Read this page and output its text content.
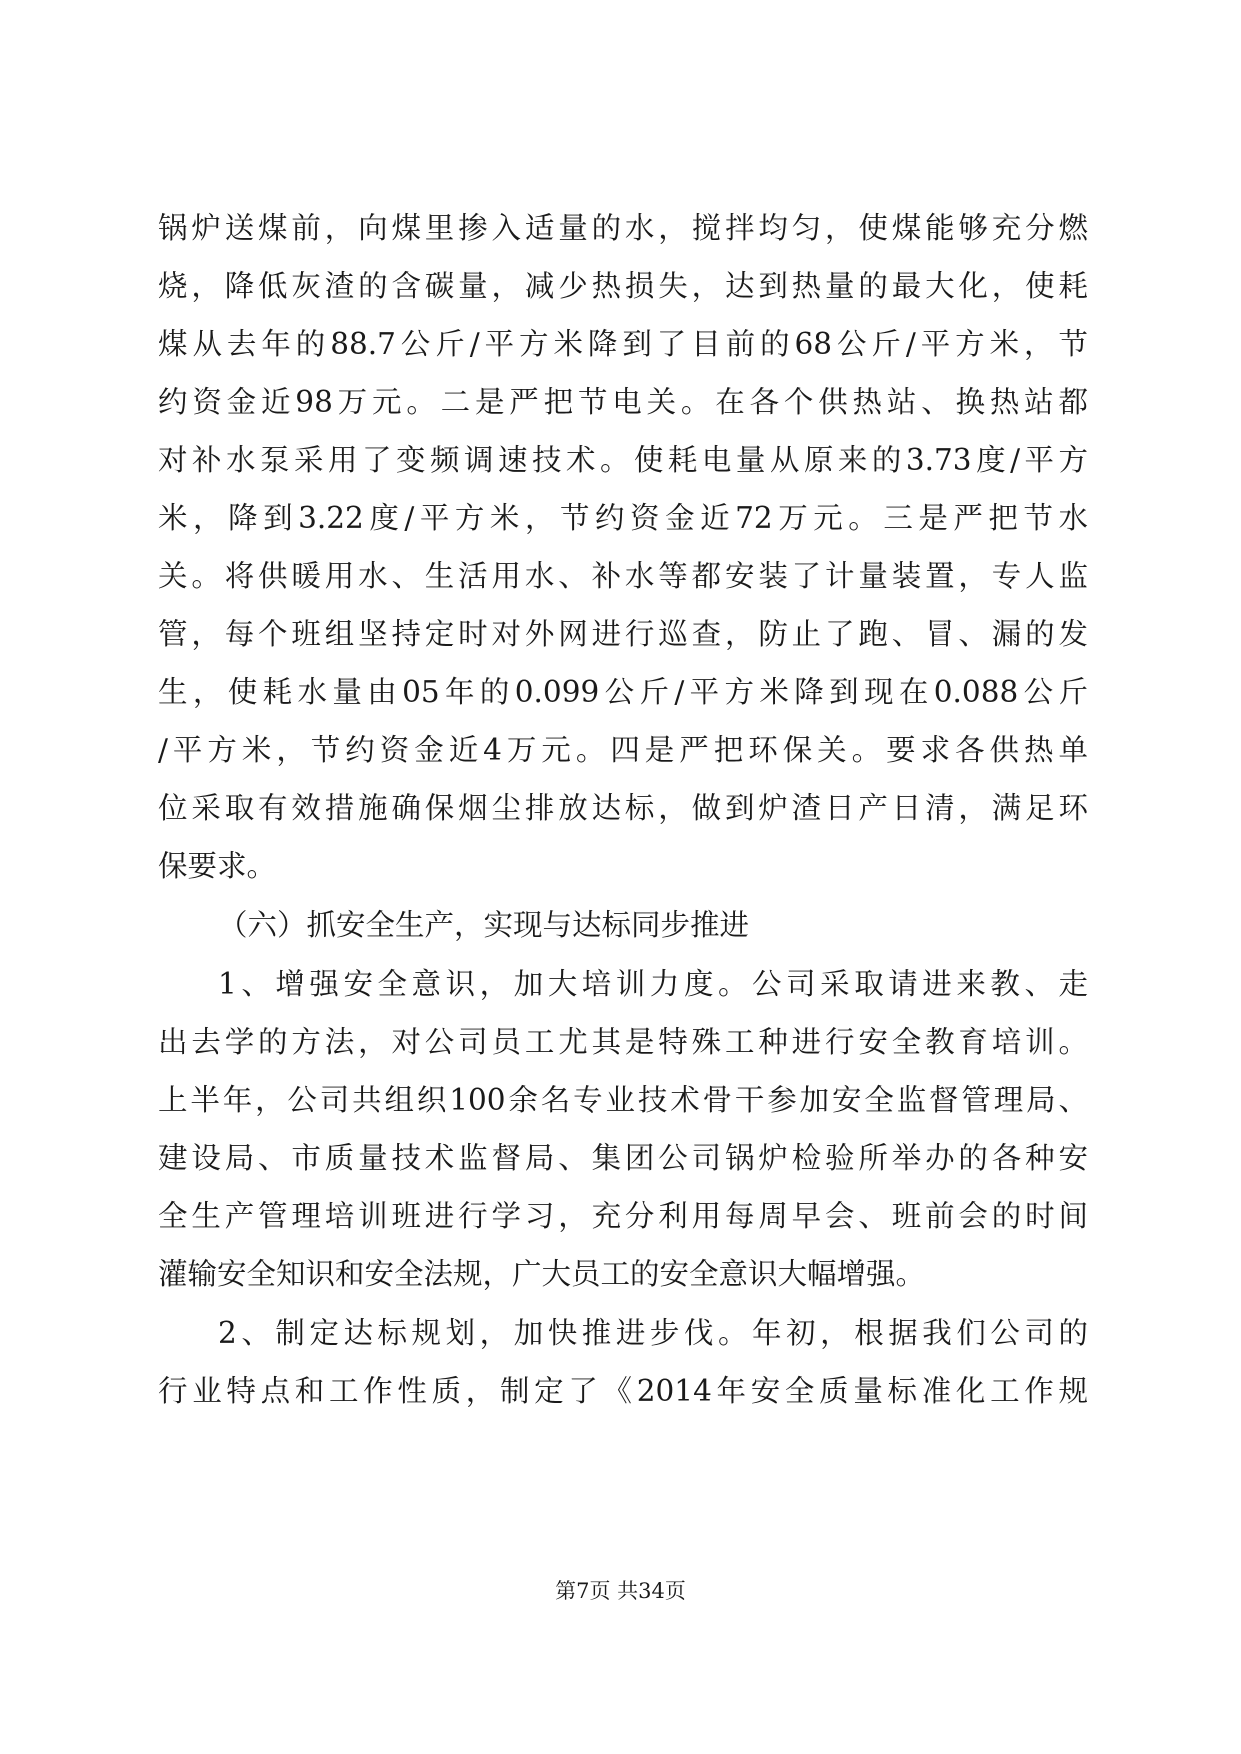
锅炉送煤前，向煤里掺入适量的水，搅拌均匀，使煤能够充分燃
烧，降低灰渣的含碳量，减少热损失，达到热量的最大化，使耗
煤从去年的88.7公斤/平方米降到了目前的68公斤/平方米，节
约资金近98万元。二是严把节电关。在各个供热站、换热站都
对补水泵采用了变频调速技术。使耗电量从原来的3.73度/平方
米，降到3.22度/平方米，节约资金近72万元。三是严把节水
关。将供暖用水、生活用水、补水等都安装了计量装置，专人监
管，每个班组坚持定时对外网进行巡查，防止了跑、冒、漏的发
生，使耗水量由05年的0.099公斤/平方米降到现在0.088公斤
/平方米，节约资金近4万元。四是严把环保关。要求各供热单
位采取有效措施确保烟尘排放达标，做到炉渣日产日清，满足环
保要求。
（六）抓安全生产，实现与达标同步推进
1、增强安全意识，加大培训力度。公司采取请进来教、走
出去学的方法，对公司员工尤其是特殊工种进行安全教育培训。
上半年，公司共组织100余名专业技术骨干参加安全监督管理局、
建设局、市质量技术监督局、集团公司锅炉检验所举办的各种安
全生产管理培训班进行学习，充分利用每周早会、班前会的时间
灌输安全知识和安全法规，广大员工的安全意识大幅增强。
2、制定达标规划，加快推进步伐。年初，根据我们公司的
行业特点和工作性质，制定了《2014年安全质量标准化工作规
第7页 共34页
